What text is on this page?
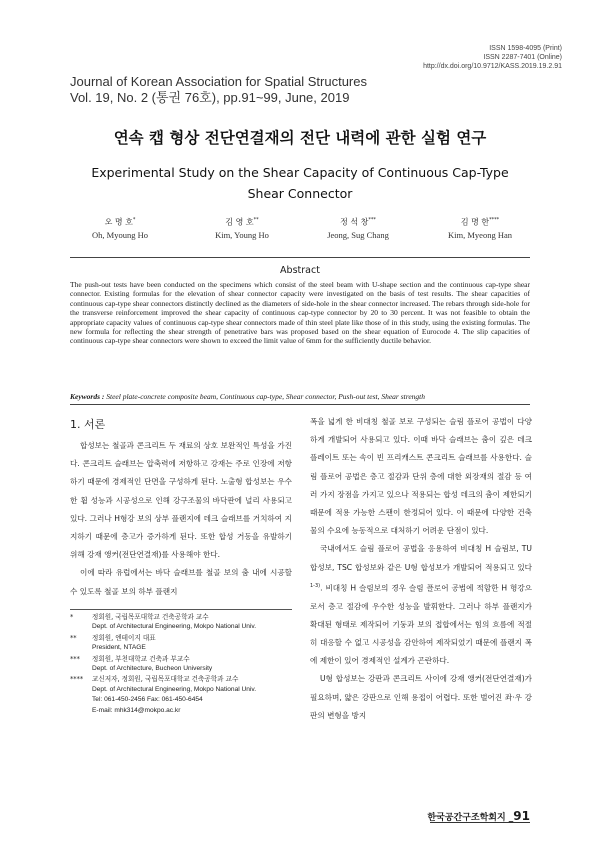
ISSN 1598-4095 (Print)
ISSN 2287-7401 (Online)
http://dx.doi.org/10.9712/KASS.2019.19.2.91
Journal of Korean Association for Spatial Structures
Vol. 19, No. 2 (통권 76호), pp.91~99, June, 2019
연속 캡 형상 전단연결재의 전단 내력에 관한 실험 연구
Experimental Study on the Shear Capacity of Continuous Cap-Type
Shear Connector
오 명 호*
Oh, Myoung Ho
김 영 호**
Kim, Young Ho
정 석 창***
Jeong, Sug Chang
김 명 한****
Kim, Myeong Han
Abstract
The push-out tests have been conducted on the specimens which consist of the steel beam with U-shape section and the continuous cap-type shear connector. Existing formulas for the elevation of shear connector capacity were investigated on the basis of test results. The shear capacities of continuous cap-type shear connectors distinctly declined as the diameters of side-hole in the shear connector increased. The rebars through side-hole for the transverse reinforcement improved the shear capacity of continuous cap-type connector by 20 to 30 percent. It was not feasible to obtain the appropriate capacity values of continuous cap-type shear connectors made of thin steel plate like those of in this study, using the existing formulas. The new formula for reflecting the shear strength of penetrative bars was proposed based on the shear equation of Eurocode 4. The slip capacities of continuous cap-type shear connectors were shown to exceed the limit value of 6mm for the sufficiently ductile behavior.
Keywords : Steel plate-concrete composite beam, Continuous cap-type, Shear connector, Push-out test, Shear strength
1. 서론

합성보는 철골과 콘크리트 두 재료의 상호 보완적인 특성을 가진다. 콘크리트 슬래브는 압축력에 저항하고 강재는 주로 인장에 저항하기 때문에 경제적인 단면을 구성하게 된다. 노출형 합성보는 우수한 휨 성능과 시공성으로 인해 강구조물의 바닥판에 널리 사용되고 있다. 그러나 H형강 보의 상부 플랜지에 데크 슬래브를 거치하여 지지하기 때문에 층고가 증가하게 된다. 또한 합성 거동을 유발하기 위해 강재 앵커(전단연결재)를 사용해야 한다.

이에 따라 유럽에서는 바닥 슬래브를 철골 보의 춤 내에 시공할 수 있도록 철골 보의 하부 플랜지

*	정회원, 국립목포대학교 건축공학과 교수
Dept. of Architectural Engineering, Mokpo National Univ.
**	정회원, 엔테이지 대표
President, NTAGE
***	정회원, 부천대학교 건축과 부교수
Dept. of Architecture, Bucheon University
****	교신저자, 정회원, 국립목포대학교 건축공학과 교수
Dept. of Architectural Engineering, Mokpo National Univ.
Tel: 061-450-2456 Fax: 061-450-6454
E-mail: mhk314@mokpo.ac.kr

폭을 넓게 한 비대칭 철골 보로 구성되는 슬림 플로어 공법이 다양하게 개발되어 사용되고 있다. 이때 바닥 슬래브는 춤이 깊은 데크 플레이트 또는 속이 빈 프리캐스트 콘크리트 슬래브를 사용한다. 슬림 플로어 공법은 층고 절감과 단위 층에 대한 외장재의 절감 등 여러 가지 장점을 가지고 있으나 적용되는 합성 데크의 춤이 제한되기 때문에 적용 가능한 스팬이 한정되어 있다. 이 때문에 다양한 건축물의 수요에 능동적으로 대처하기 어려운 단점이 있다.

국내에서도 슬림 플로어 공법을 응용하여 비대칭 H 슬림보, TU 합성보, TSC 합성보와 같은 U형 합성보가 개발되어 적용되고 있다$^{1-3)}$. 비대칭 H 슬림보의 경우 슬림 플로어 공법에 적합한 H 형강으로서 층고 절감에 우수한 성능을 발휘한다. 그러나 하부 플랜지가 확대된 형태로 제작되어 기둥과 보의 접합에서는 힘의 흐름에 적절히 대응할 수 없고 시공성을 감안하여 제작되었기 때문에 플랜지 폭에 제한이 있어 경제적인 설계가 곤란하다.

U형 합성보는 강판과 콘크리트 사이에 강재 앵커(전단연결재)가 필요하며, 얇은 강판으로 인해 용접이 어렵다. 또한 벌어진 좌·우 강판의 변형을 방지

한국공간구조학회지 _91
